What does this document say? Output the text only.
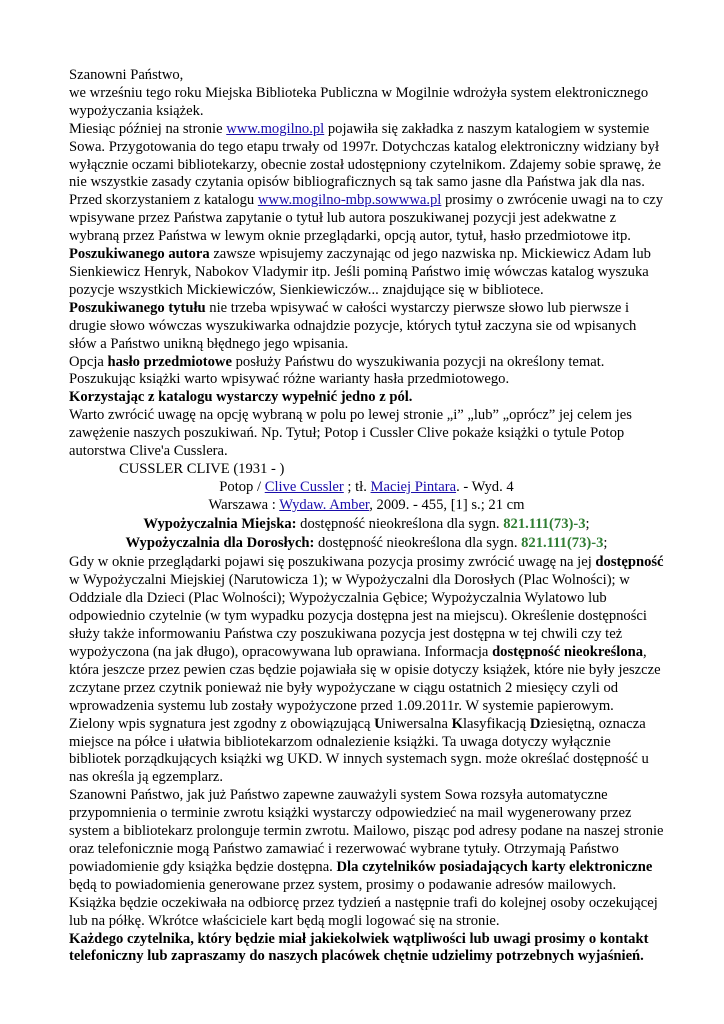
Szanowni Państwo,

we wrześniu tego roku Miejska Biblioteka Publiczna w Mogilnie wdrożyła system elektronicznego wypożyczania książek.

Miesiąc później na stronie www.mogilno.pl pojawiła się zakładka z naszym katalogiem w systemie Sowa. Przygotowania do tego etapu trwały od 1997r. Dotychczas katalog elektroniczny widziany był wyłącznie oczami bibliotekarzy, obecnie został udostępniony czytelnikom. Zdajemy sobie sprawę, że nie wszystkie zasady czytania opisów bibliograficznych są tak samo jasne dla Państwa jak dla nas.

Przed skorzystaniem z katalogu www.mogilno-mbp.sowwwa.pl prosimy o zwrócenie uwagi na to czy wpisywane przez Państwa zapytanie o tytuł lub autora poszukiwanej pozycji jest adekwatne z wybraną przez Państwa w lewym oknie przeglądarki, opcją autor, tytuł, hasło przedmiotowe itp.

Poszukiwanego autora zawsze wpisujemy zaczynając od jego nazwiska np. Mickiewicz Adam lub Sienkiewicz Henryk, Nabokov Vladymir itp. Jeśli pominą Państwo imię wówczas katalog wyszuka pozycje wszystkich Mickiewiczów, Sienkiewiczów... znajdujące się w bibliotece.

Poszukiwanego tytułu nie trzeba wpisywać w całości wystarczy pierwsze słowo lub pierwsze i drugie słowo wówczas wyszukiwarka odnajdzie pozycje, których tytuł zaczyna sie od wpisanych słów a Państwo unikną błędnego jego wpisania.

Opcja hasło przedmiotowe posłuży Państwu do wyszukiwania pozycji na określony temat. Poszukując książki warto wpisywać różne warianty hasła przedmiotowego.

Korzystając z katalogu wystarczy wypełnić jedno z pól.

Warto zwrócić uwagę na opcję wybraną w polu po lewej stronie „i” „lub” „oprócz” jej celem jes zawężenie naszych poszukiwań. Np. Tytuł; Potop i Cussler Clive pokaże książki o tytule Potop autorstwa Clive'a Cusslera.

CUSSLER CLIVE (1931 - )

Potop / Clive Cussler ; tł. Maciej Pintara. - Wyd. 4

Warszawa : Wydaw. Amber, 2009. - 455, [1] s.; 21 cm

Wypożyczalnia Miejska: dostępność nieokreślona dla sygn. 821.111(73)-3;

Wypożyczalnia dla Dorosłych: dostępność nieokreślona dla sygn. 821.111(73)-3;

Gdy w oknie przeglądarki pojawi się poszukiwana pozycja prosimy zwrócić uwagę na jej dostępność w Wypożyczalni Miejskiej (Narutowicza 1); w Wypożyczalni dla Dorosłych (Plac Wolności); w Oddziale dla Dzieci (Plac Wolności); Wypożyczalnia Gębice; Wypożyczalnia Wylatowo lub odpowiednio czytelnie (w tym wypadku pozycja dostępna jest na miejscu). Określenie dostępności służy także informowaniu Państwa czy poszukiwana pozycja jest dostępna w tej chwili czy też wypożyczona (na jak długo), opracowywana lub oprawiana. Informacja dostępność nieokreślona, która jeszcze przez pewien czas będzie pojawiała się w opisie dotyczy książek, które nie były jeszcze zczytane przez czytnik ponieważ nie były wypożyczane w ciągu ostatnich 2 miesięcy czyli od wprowadzenia systemu lub zostały wypożyczone przed 1.09.2011r. W systemie papierowym.

Zielony wpis sygnatura jest zgodny z obowiązującą Uniwersalna Klasyfikacją Dziesiętną, oznacza miejsce na półce i ułatwia bibliotekarzom odnalezienie książki. Ta uwaga dotyczy wyłącznie bibliotek porządkujących książki wg UKD. W innych systemach sygn. może określać dostępność u nas określa ją egzemplarz.

Szanowni Państwo, jak już Państwo zapewne zauważyli system Sowa rozsyła automatyczne przypomnienia o terminie zwrotu książki wystarczy odpowiedzieć na mail wygenerowany przez system a bibliotekarz prolonguje termin zwrotu. Mailowo, pisząc pod adresy podane na naszej stronie oraz telefonicznie mogą Państwo zamawiać i rezerwować wybrane tytuły. Otrzymają Państwo powiadomienie gdy książka będzie dostępna. Dla czytelników posiadających karty elektroniczne będą to powiadomienia generowane przez system, prosimy o podawanie adresów mailowych. Książka będzie oczekiwała na odbiorcę przez tydzień a następnie trafi do kolejnej osoby oczekującej lub na półkę. Wkrótce właściciele kart będą mogli logować się na stronie.

Każdego czytelnika, który będzie miał jakiekolwiek wątpliwości lub uwagi prosimy o kontakt telefoniczny lub zapraszamy do naszych placówek chętnie udzielimy potrzebnych wyjaśnień.
